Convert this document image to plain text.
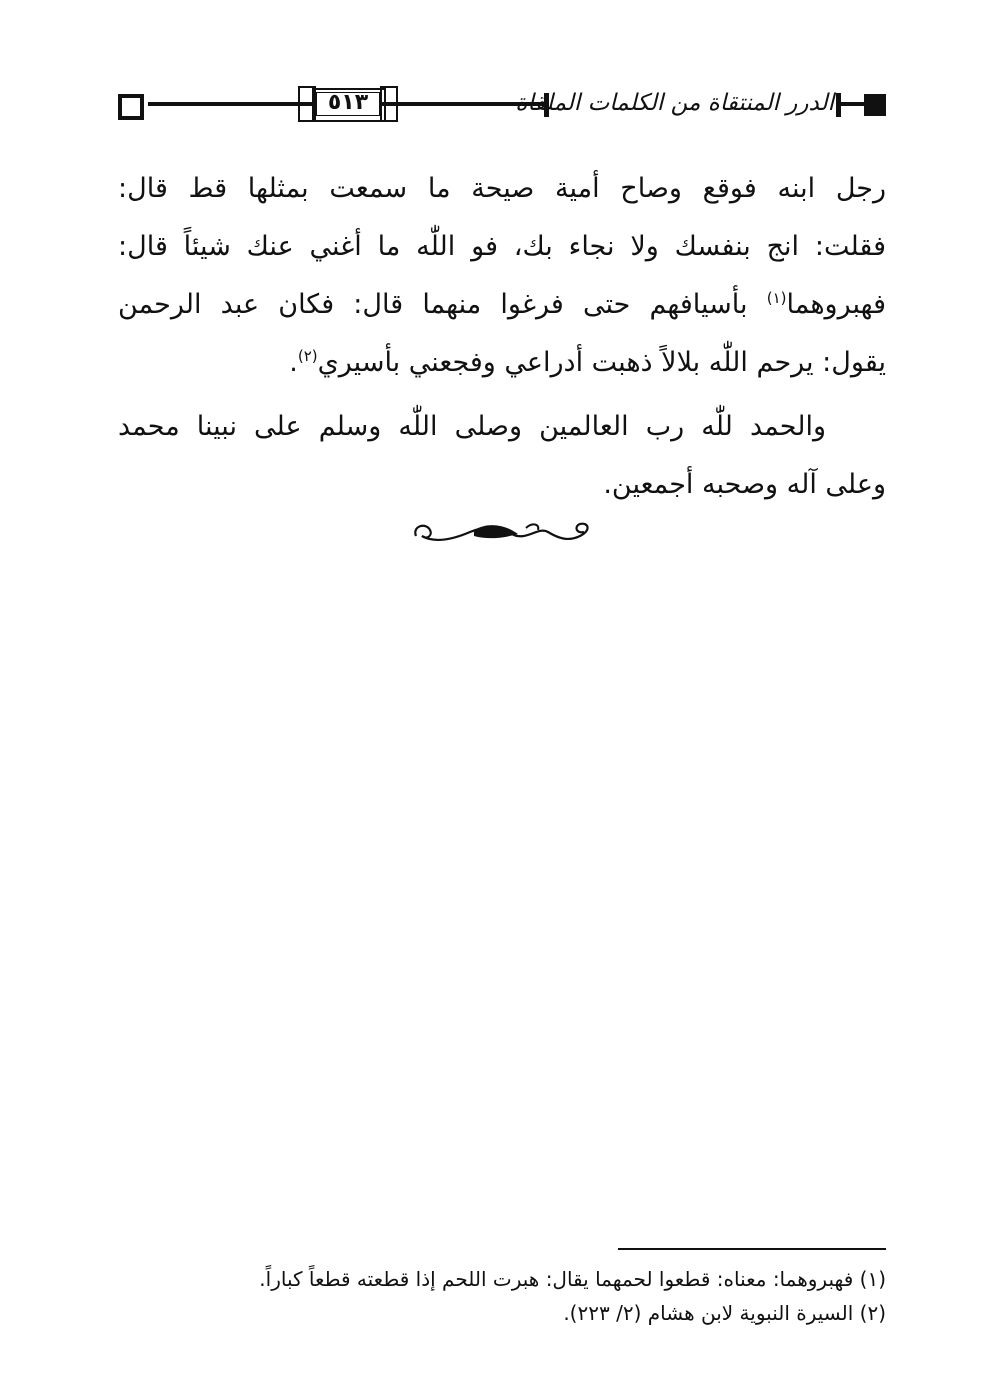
٥١٣	الدرر المنتقاة من الكلمات الملقاة
رجل ابنه فوقع وصاح أمية صيحة ما سمعت بمثلها قط قال:
فقلت: انج بنفسك ولا نجاء بك، فو اللّٰه ما أغني عنك شيئاً قال:
فهبروهما$^{(١)}$ بأسيافهم حتى فرغوا منهما قال: فكان عبد الرحمن
يقول: يرحم اللّٰه بلالاً ذهبت أدراعي وفجعني بأسيري$^{(٢)}$.
والحمد للّٰه رب العالمين وصلى اللّٰه وسلم على نبينا محمد
وعلى آله وصحبه أجمعين.
(١) فهبروهما: معناه: قطعوا لحمهما يقال: هبرت اللحم إذا قطعته قطعاً كباراً.
(٢) السيرة النبوية لابن هشام (٢/ ٢٢٣).
